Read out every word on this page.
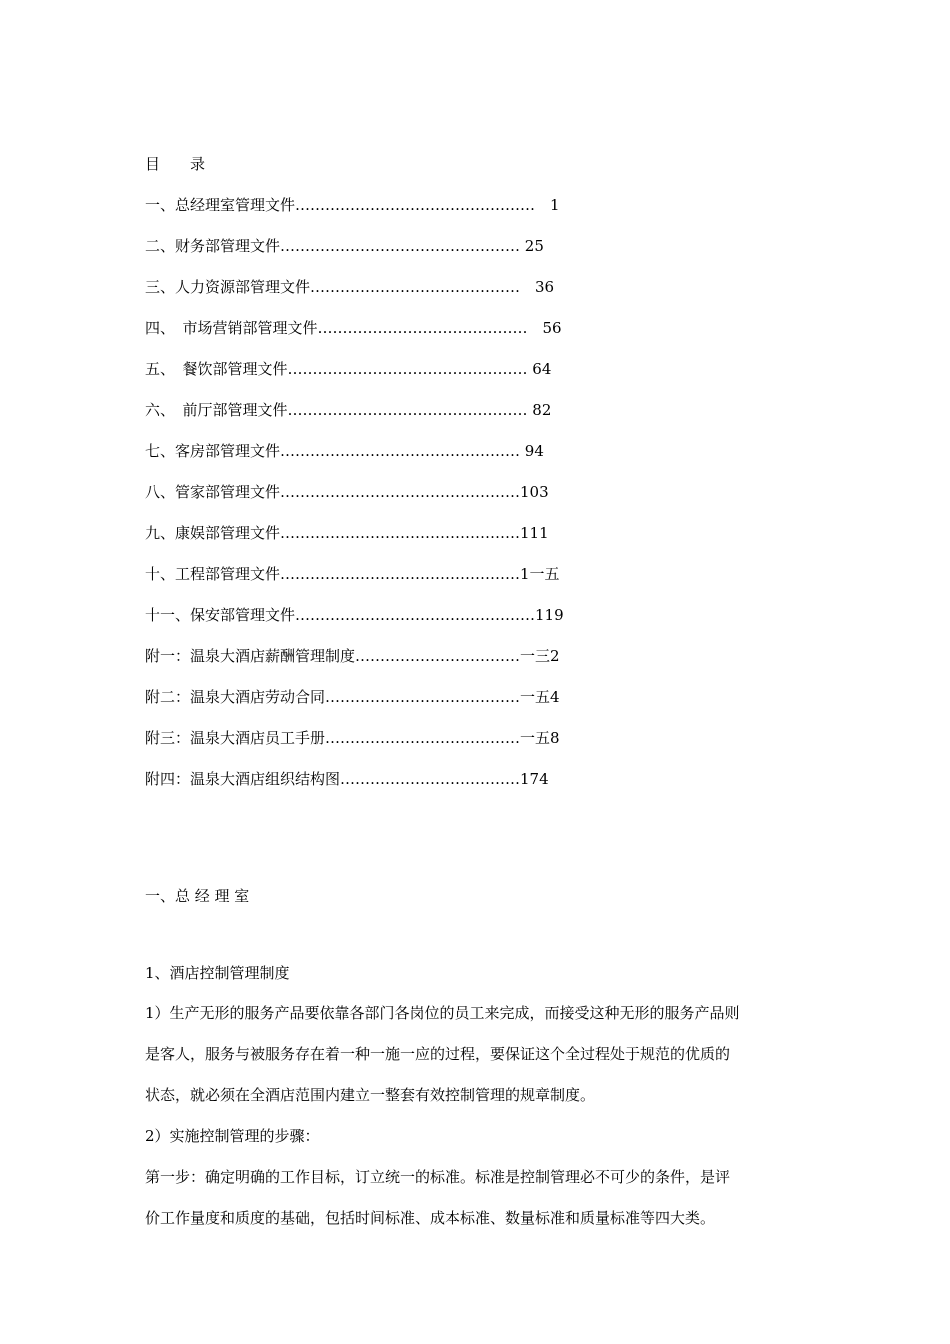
目　　录
一、总经理室管理文件…………………………………………　1
二、财务部管理文件………………………………………… 25
三、人力资源部管理文件……………………………………　36
四、　市场营销部管理文件……………………………………　56
五、　餐饮部管理文件………………………………………… 64
六、　前厅部管理文件………………………………………… 82
七、客房部管理文件………………………………………… 94
八、管家部管理文件…………………………………………103
九、康娱部管理文件…………………………………………111
十、工程部管理文件…………………………………………1一五
十一、保安部管理文件…………………………………………119
附一：温泉大酒店薪酬管理制度……………………………一三2
附二：温泉大酒店劳动合同…………………………………一五4
附三：温泉大酒店员工手册…………………………………一五8
附四：温泉大酒店组织结构图………………………………174
一、总 经 理 室
1、酒店控制管理制度
1）生产无形的服务产品要依靠各部门各岗位的员工来完成，而接受这种无形的服务产品则
是客人，服务与被服务存在着一种一施一应的过程，要保证这个全过程处于规范的优质的
状态，就必须在全酒店范围内建立一整套有效控制管理的规章制度。
2）实施控制管理的步骤：
第一步：确定明确的工作目标，订立统一的标准。标准是控制管理必不可少的条件，是评
价工作量度和质度的基础，包括时间标准、成本标准、数量标准和质量标准等四大类。
